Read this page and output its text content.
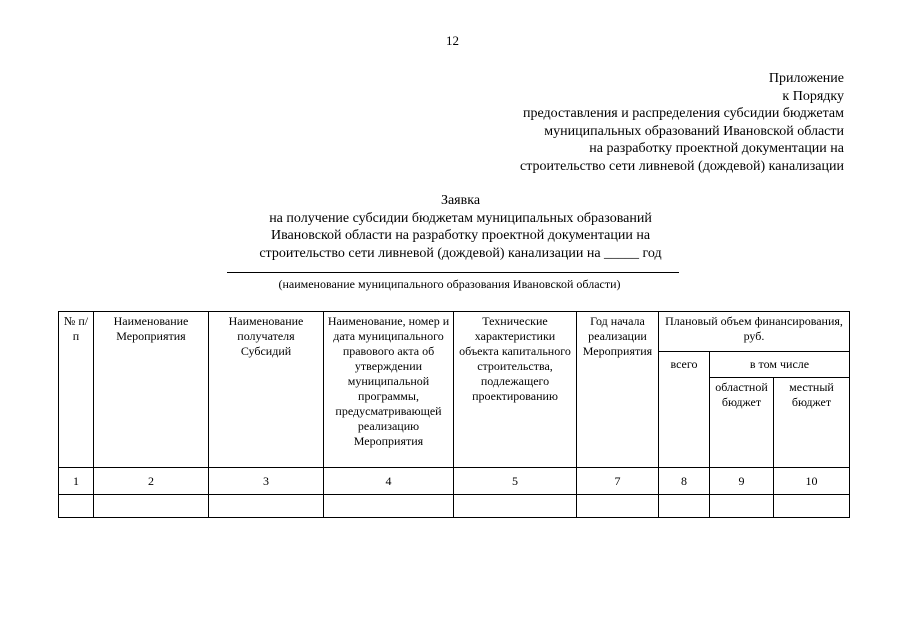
12
Приложение
к Порядку
предоставления и распределения субсидии бюджетам
муниципальных образований Ивановской области
на разработку проектной документации на
строительство сети ливневой (дождевой) канализации
Заявка
на получение субсидии бюджетам муниципальных образований
Ивановской области на разработку проектной документации на
строительство сети ливневой (дождевой) канализации на _____ год
(наименование муниципального образования Ивановской области)
№ п/п	Наименование Мероприятия	Наименование получателя Субсидий	Наименование, номер и дата муниципального правового акта об утверждении муниципальной программы, предусматривающей реализацию Мероприятия	Технические характеристики объекта капитального строительства, подлежащего проектированию	Год начала реализации Мероприятия	Плановый объем финансирования, руб.		
						всего	в том числе	
							областной бюджет	местный бюджет
1	2	3	4	5	7	8	9	10
